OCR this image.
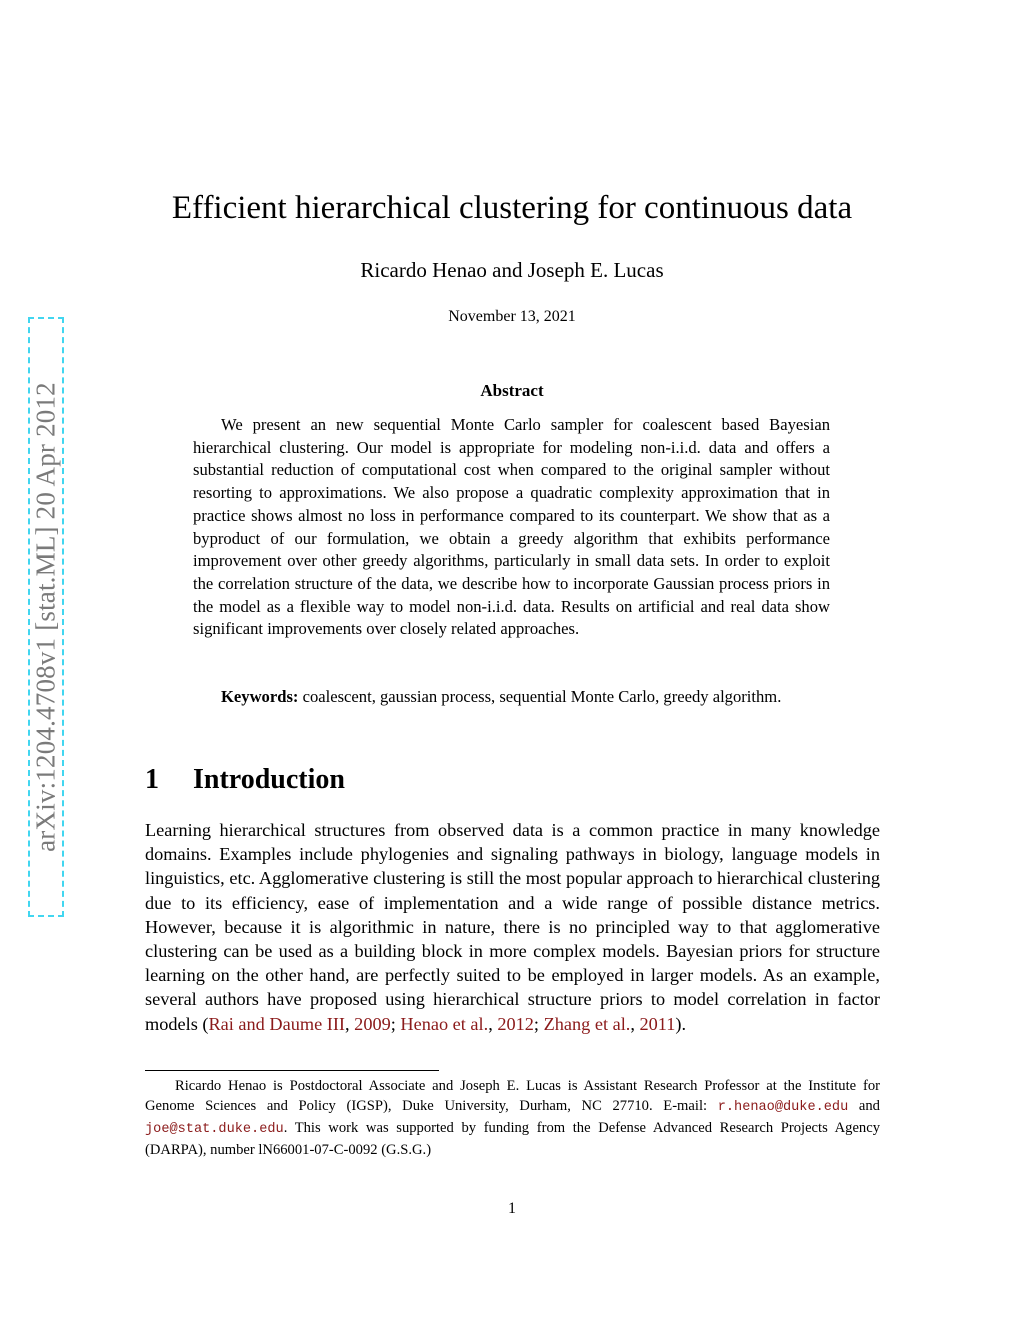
arXiv:1204.4708v1 [stat.ML] 20 Apr 2012
Efficient hierarchical clustering for continuous data
Ricardo Henao and Joseph E. Lucas
November 13, 2021
Abstract

We present an new sequential Monte Carlo sampler for coalescent based Bayesian hierarchical clustering. Our model is appropriate for modeling non-i.i.d. data and offers a substantial reduction of computational cost when compared to the original sampler without resorting to approximations. We also propose a quadratic complexity approximation that in practice shows almost no loss in performance compared to its counterpart. We show that as a byproduct of our formulation, we obtain a greedy algorithm that exhibits performance improvement over other greedy algorithms, particularly in small data sets. In order to exploit the correlation structure of the data, we describe how to incorporate Gaussian process priors in the model as a flexible way to model non-i.i.d. data. Results on artificial and real data show significant improvements over closely related approaches.

Keywords: coalescent, gaussian process, sequential Monte Carlo, greedy algorithm.

1 Introduction

Learning hierarchical structures from observed data is a common practice in many knowledge domains. Examples include phylogenies and signaling pathways in biology, language models in linguistics, etc. Agglomerative clustering is still the most popular approach to hierarchical clustering due to its efficiency, ease of implementation and a wide range of possible distance metrics. However, because it is algorithmic in nature, there is no principled way to that agglomerative clustering can be used as a building block in more complex models. Bayesian priors for structure learning on the other hand, are perfectly suited to be employed in larger models. As an example, several authors have proposed using hierarchical structure priors to model correlation in factor models (Rai and Daume III, 2009; Henao et al., 2012; Zhang et al., 2011).

Ricardo Henao is Postdoctoral Associate and Joseph E. Lucas is Assistant Research Professor at the Institute for Genome Sciences and Policy (IGSP), Duke University, Durham, NC 27710. E-mail: r.henao@duke.edu and joe@stat.duke.edu. This work was supported by funding from the Defense Advanced Research Projects Agency (DARPA), number lN66001-07-C-0092 (G.S.G.)

1
